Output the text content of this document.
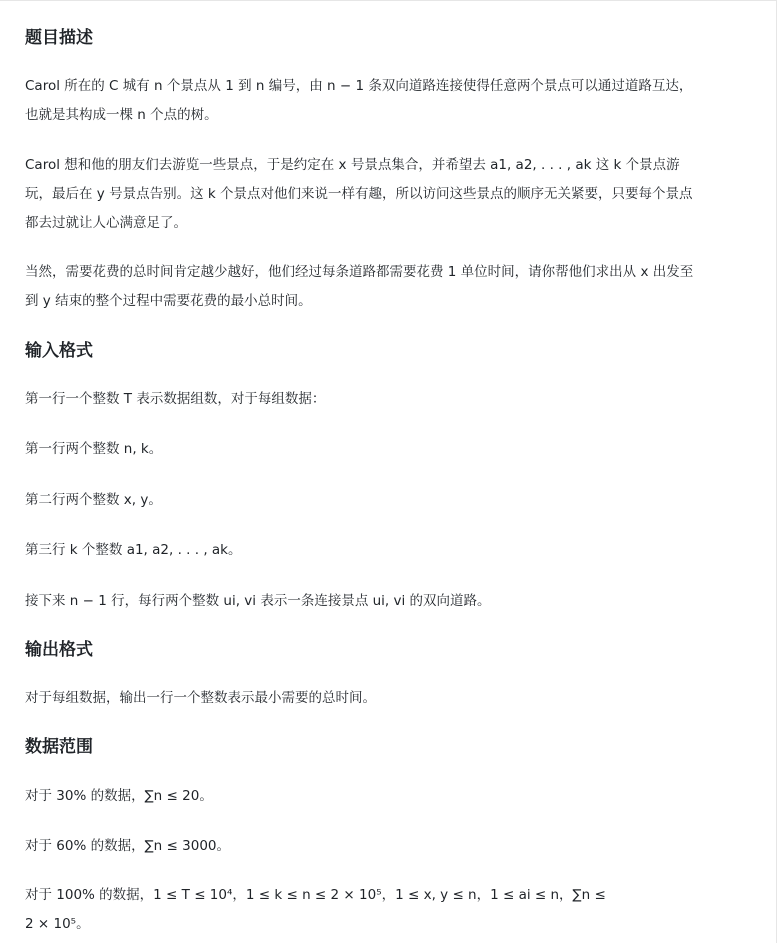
题目描述

Carol 所在的 C 城有 n 个景点从 1 到 n 编号，由 n − 1 条双向道路连接使得任意两个景点可以通过道路互达，
也就是其构成一棵 n 个点的树。

Carol 想和他的朋友们去游览一些景点，于是约定在 x 号景点集合，并希望去 a1, a2, . . . , ak 这 k 个景点游
玩，最后在 y 号景点告别。这 k 个景点对他们来说一样有趣，所以访问这些景点的顺序无关紧要，只要每个景点
都去过就让人心满意足了。

当然，需要花费的总时间肯定越少越好，他们经过每条道路都需要花费 1 单位时间，请你帮他们求出从 x 出发至
到 y 结束的整个过程中需要花费的最小总时间。

输入格式

第一行一个整数 T 表示数据组数，对于每组数据：

第一行两个整数 n, k。

第二行两个整数 x, y。

第三行 k 个整数 a1, a2, . . . , ak。

接下来 n − 1 行，每行两个整数 ui, vi 表示一条连接景点 ui, vi 的双向道路。

输出格式

对于每组数据，输出一行一个整数表示最小需要的总时间。

数据范围

对于 30% 的数据，∑n ≤ 20。

对于 60% 的数据，∑n ≤ 3000。

对于 100% 的数据，1 ≤ T ≤ 10⁴，1 ≤ k ≤ n ≤ 2 × 10⁵，1 ≤ x, y ≤ n，1 ≤ ai ≤ n，∑n ≤
2 × 10⁵。
